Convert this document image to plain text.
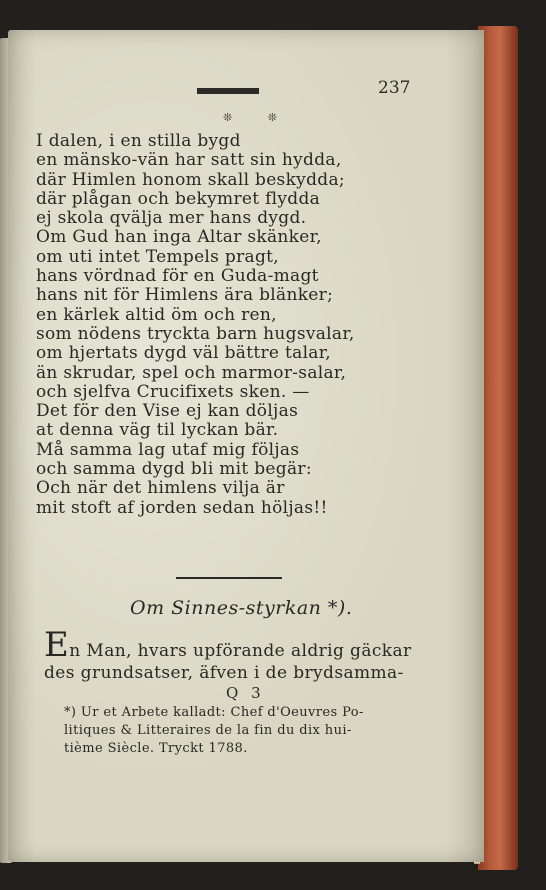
237
❊ ❊
I dalen, i en stilla bygd
en mänsko-vän har satt sin hydda,
där Himlen honom skall beskydda;
där plågan och bekymret flydda
ej skola qvälja mer hans dygd.
Om Gud han inga Altar skänker,
om uti intet Tempels pragt,
hans vördnad för en Guda-magt
hans nit för Himlens ära blänker;
en kärlek altid öm och ren,
som nödens tryckta barn hugsvalar,
om hjertats dygd väl bättre talar,
än skrudar, spel och marmor-salar,
och sjelfva Crucifixets sken. —
Det för den Vise ej kan döljas
at denna väg til lyckan bär.
Må samma lag utaf mig följas
och samma dygd bli mit begär:
Och när det himlens vilja är
mit stoft af jorden sedan höljas!!
Om Sinnes-styrkan *).
En Man, hvars upförande aldrig gäckar
des grundsatser, äfven i de brydsamma-
Q 3
*) Ur et Arbete kalladt: Chef d'Oeuvres Po-
litiques & Litteraires de la fin du dix hui-
tième Siècle. Tryckt 1788.
